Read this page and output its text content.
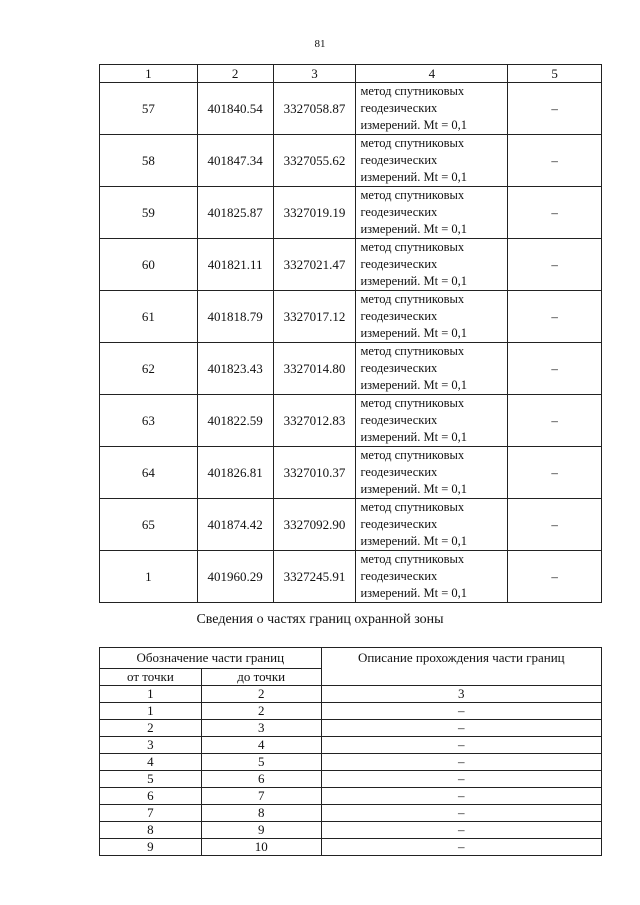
81
1	2	3	4	5
57	401840.54	3327058.87	метод спутниковых
геодезических
измерений. Mt = 0,1	–
58	401847.34	3327055.62	метод спутниковых
геодезических
измерений. Mt = 0,1	–
59	401825.87	3327019.19	метод спутниковых
геодезических
измерений. Mt = 0,1	–
60	401821.11	3327021.47	метод спутниковых
геодезических
измерений. Mt = 0,1	–
61	401818.79	3327017.12	метод спутниковых
геодезических
измерений. Mt = 0,1	–
62	401823.43	3327014.80	метод спутниковых
геодезических
измерений. Mt = 0,1	–
63	401822.59	3327012.83	метод спутниковых
геодезических
измерений. Mt = 0,1	–
64	401826.81	3327010.37	метод спутниковых
геодезических
измерений. Mt = 0,1	–
65	401874.42	3327092.90	метод спутниковых
геодезических
измерений. Mt = 0,1	–
1	401960.29	3327245.91	метод спутниковых
геодезических
измерений. Mt = 0,1	–
Сведения о частях границ охранной зоны
Обозначение части границ		Описание прохождения части границ
от точки	до точки	
1	2	3
1	2	–
2	3	–
3	4	–
4	5	–
5	6	–
6	7	–
7	8	–
8	9	–
9	10	–
